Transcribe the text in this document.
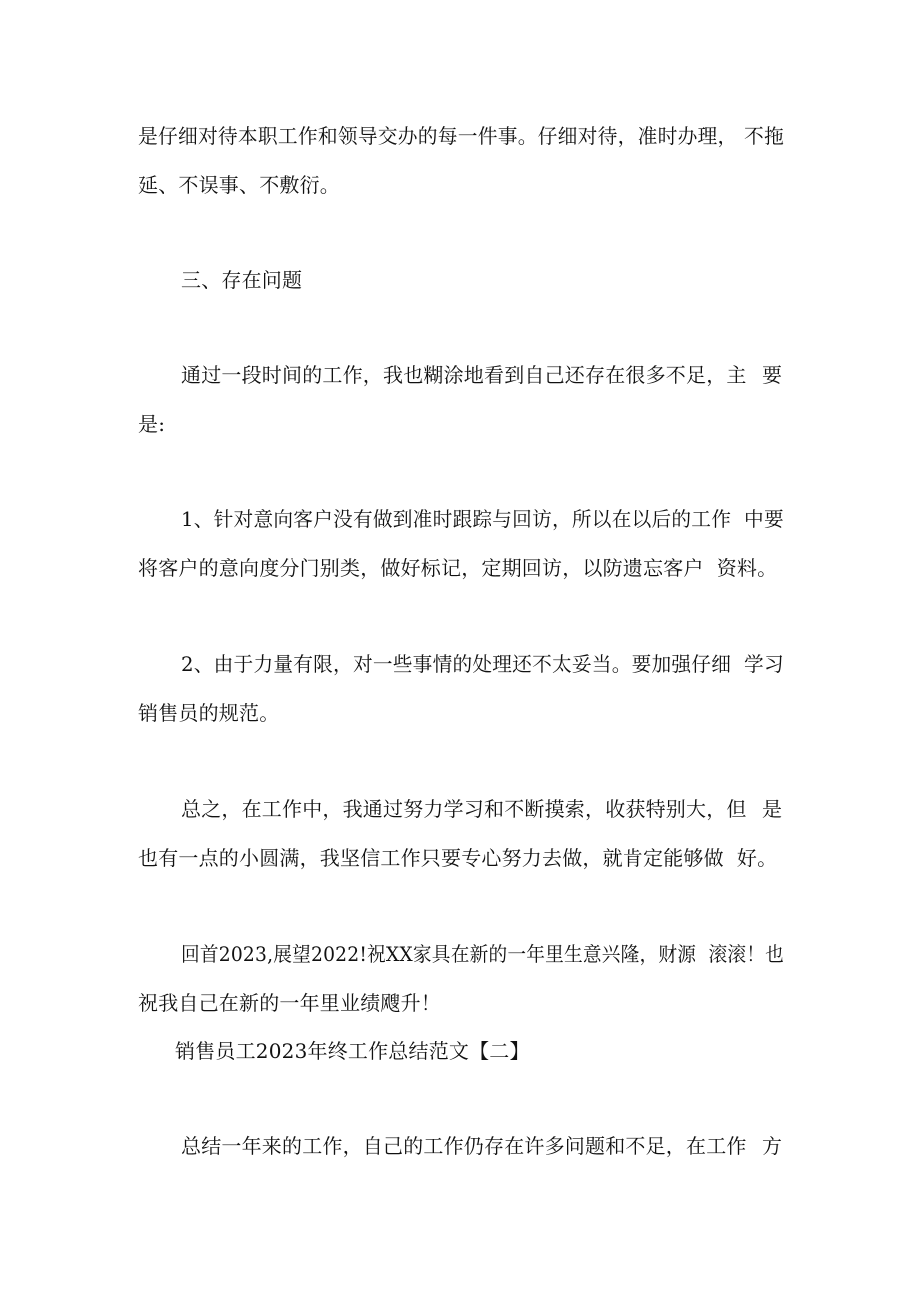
是仔细对待本职工作和领导交办的每一件事。仔细对待，准时办理， 不拖
延、不误事、不敷衍。
三、存在问题
通过一段时间的工作，我也糊涂地看到自己还存在很多不足，主 要
是:
1、针对意向客户没有做到准时跟踪与回访，所以在以后的工作  中要
将客户的意向度分门别类，做好标记，定期回访，以防遗忘客户  资料。
2、由于力量有限，对一些事情的处理还不太妥当。要加强仔细  学习
销售员的规范。
总之，在工作中，我通过努力学习和不断摸索，收获特别大，但 是
也有一点的小圆满，我坚信工作只要专心努力去做，就肯定能够做  好。
回首2023,展望2022!祝XX家具在新的一年里生意兴隆，财源  滚滚！也
祝我自己在新的一年里业绩飕升！
销售员工2023年终工作总结范文【二】
总结一年来的工作，自己的工作仍存在许多问题和不足，在工作 方
